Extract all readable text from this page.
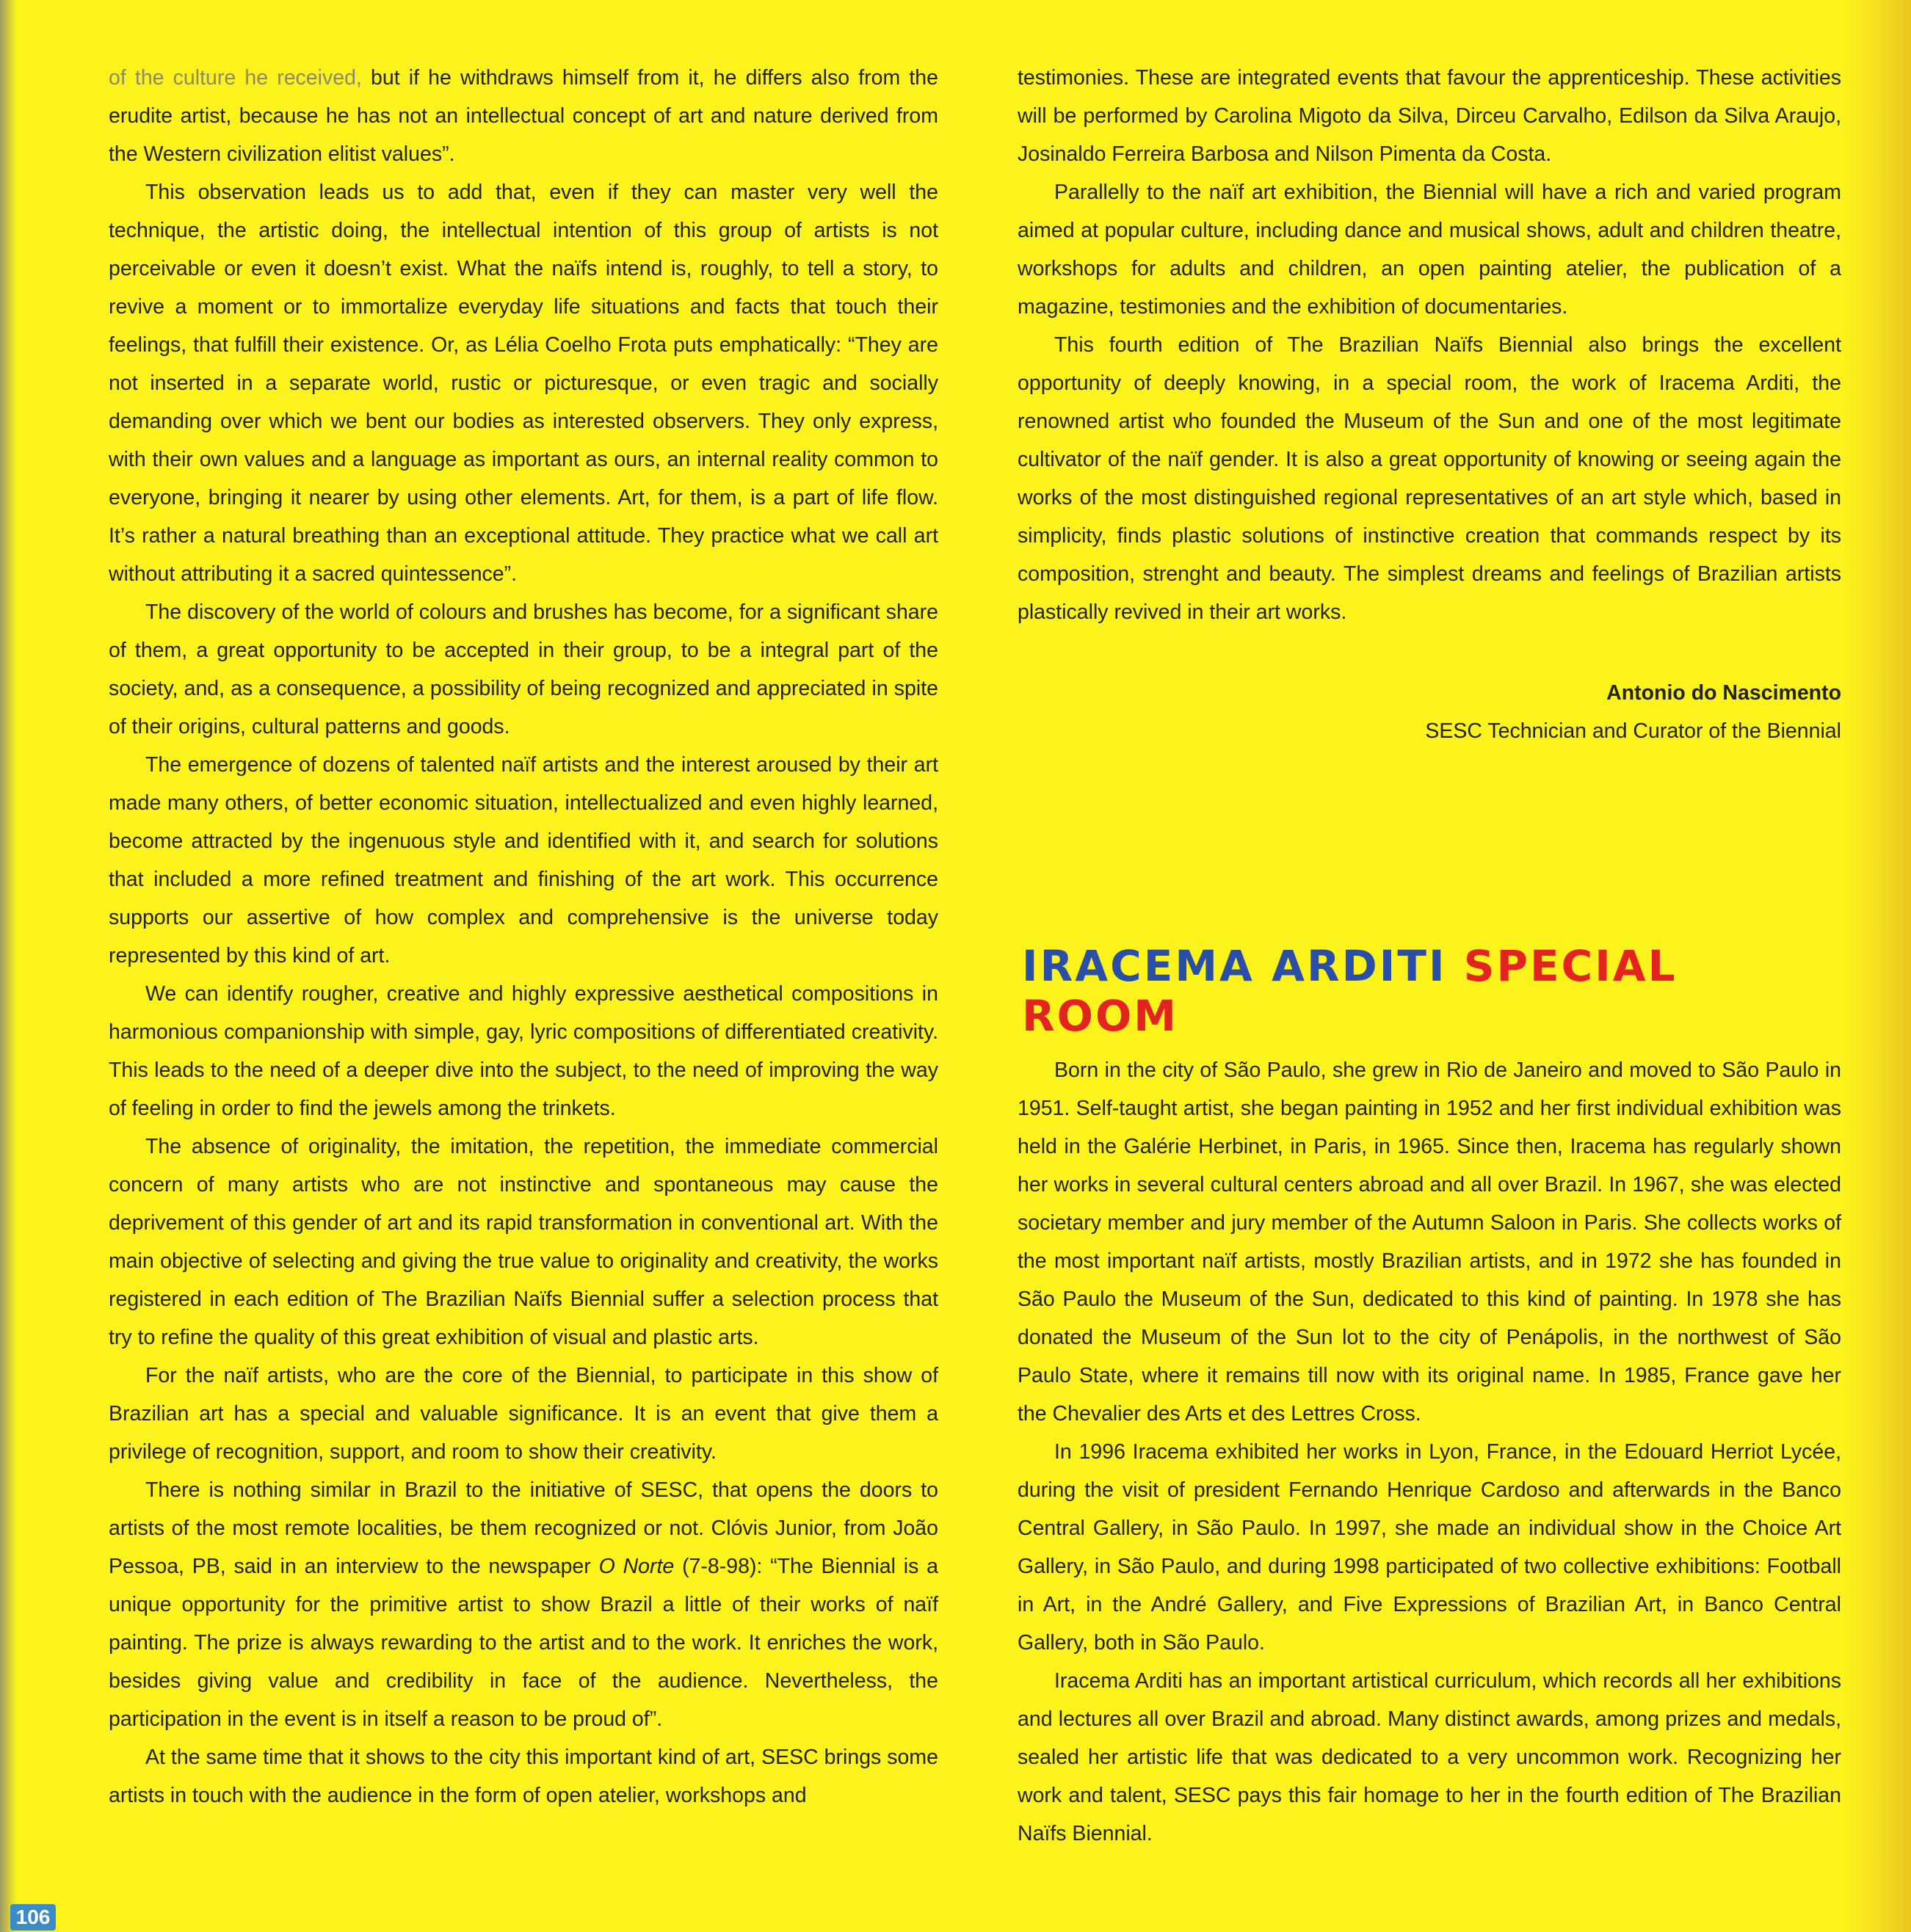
of the culture he received, but if he withdraws himself from it, he differs also from the erudite artist, because he has not an intellectual concept of art and nature derived from the Western civilization elitist values”.

This observation leads us to add that, even if they can master very well the technique, the artistic doing, the intellectual intention of this group of artists is not perceivable or even it doesn’t exist. What the naïfs intend is, roughly, to tell a story, to revive a moment or to immortalize everyday life situations and facts that touch their feelings, that fulfill their existence. Or, as Lélia Coelho Frota puts emphatically: “They are not inserted in a separate world, rustic or picturesque, or even tragic and socially demanding over which we bent our bodies as interested observers. They only express, with their own values and a language as important as ours, an internal reality common to everyone, bringing it nearer by using other elements. Art, for them, is a part of life flow. It’s rather a natural breathing than an exceptional attitude. They practice what we call art without attributing it a sacred quintessence”.

The discovery of the world of colours and brushes has become, for a significant share of them, a great opportunity to be accepted in their group, to be a integral part of the society, and, as a consequence, a possibility of being recognized and appreciated in spite of their origins, cultural patterns and goods.

The emergence of dozens of talented naïf artists and the interest aroused by their art made many others, of better economic situation, intellectualized and even highly learned, become attracted by the ingenuous style and identified with it, and search for solutions that included a more refined treatment and finishing of the art work. This occurrence supports our assertive of how complex and comprehensive is the universe today represented by this kind of art.

We can identify rougher, creative and highly expressive aesthetical compositions in harmonious companionship with simple, gay, lyric compositions of differentiated creativity. This leads to the need of a deeper dive into the subject, to the need of improving the way of feeling in order to find the jewels among the trinkets.

The absence of originality, the imitation, the repetition, the immediate commercial concern of many artists who are not instinctive and spontaneous may cause the deprivement of this gender of art and its rapid transformation in conventional art. With the main objective of selecting and giving the true value to originality and creativity, the works registered in each edition of The Brazilian Naïfs Biennial suffer a selection process that try to refine the quality of this great exhibition of visual and plastic arts.

For the naïf artists, who are the core of the Biennial, to participate in this show of Brazilian art has a special and valuable significance. It is an event that give them a privilege of recognition, support, and room to show their creativity.

There is nothing similar in Brazil to the initiative of SESC, that opens the doors to artists of the most remote localities, be them recognized or not. Clóvis Junior, from João Pessoa, PB, said in an interview to the newspaper O Norte (7-8-98): “The Biennial is a unique opportunity for the primitive artist to show Brazil a little of their works of naïf painting. The prize is always rewarding to the artist and to the work. It enriches the work, besides giving value and credibility in face of the audience. Nevertheless, the participation in the event is in itself a reason to be proud of”.

At the same time that it shows to the city this important kind of art, SESC brings some artists in touch with the audience in the form of open atelier, workshops and

testimonies. These are integrated events that favour the apprenticeship. These activities will be performed by Carolina Migoto da Silva, Dirceu Carvalho, Edilson da Silva Araujo, Josinaldo Ferreira Barbosa and Nilson Pimenta da Costa.

Parallelly to the naïf art exhibition, the Biennial will have a rich and varied program aimed at popular culture, including dance and musical shows, adult and children theatre, workshops for adults and children, an open painting atelier, the publication of a magazine, testimonies and the exhibition of documentaries.

This fourth edition of The Brazilian Naïfs Biennial also brings the excellent opportunity of deeply knowing, in a special room, the work of Iracema Arditi, the renowned artist who founded the Museum of the Sun and one of the most legitimate cultivator of the naïf gender. It is also a great opportunity of knowing or seeing again the works of the most distinguished regional representatives of an art style which, based in simplicity, finds plastic solutions of instinctive creation that commands respect by its composition, strenght and beauty. The simplest dreams and feelings of Brazilian artists plastically revived in their art works.

Antonio do Nascimento
SESC Technician and Curator of the Biennial
IRACEMA ARDITI SPECIAL ROOM

Born in the city of São Paulo, she grew in Rio de Janeiro and moved to São Paulo in 1951. Self-taught artist, she began painting in 1952 and her first individual exhibition was held in the Galérie Herbinet, in Paris, in 1965. Since then, Iracema has regularly shown her works in several cultural centers abroad and all over Brazil. In 1967, she was elected societary member and jury member of the Autumn Saloon in Paris. She collects works of the most important naïf artists, mostly Brazilian artists, and in 1972 she has founded in São Paulo the Museum of the Sun, dedicated to this kind of painting. In 1978 she has donated the Museum of the Sun lot to the city of Penápolis, in the northwest of São Paulo State, where it remains till now with its original name. In 1985, France gave her the Chevalier des Arts et des Lettres Cross.

In 1996 Iracema exhibited her works in Lyon, France, in the Edouard Herriot Lycée, during the visit of president Fernando Henrique Cardoso and afterwards in the Banco Central Gallery, in São Paulo. In 1997, she made an individual show in the Choice Art Gallery, in São Paulo, and during 1998 participated of two collective exhibitions: Football in Art, in the André Gallery, and Five Expressions of Brazilian Art, in Banco Central Gallery, both in São Paulo.

Iracema Arditi has an important artistical curriculum, which records all her exhibitions and lectures all over Brazil and abroad. Many distinct awards, among prizes and medals, sealed her artistic life that was dedicated to a very uncommon work. Recognizing her work and talent, SESC pays this fair homage to her in the fourth edition of The Brazilian Naïfs Biennial.

106
